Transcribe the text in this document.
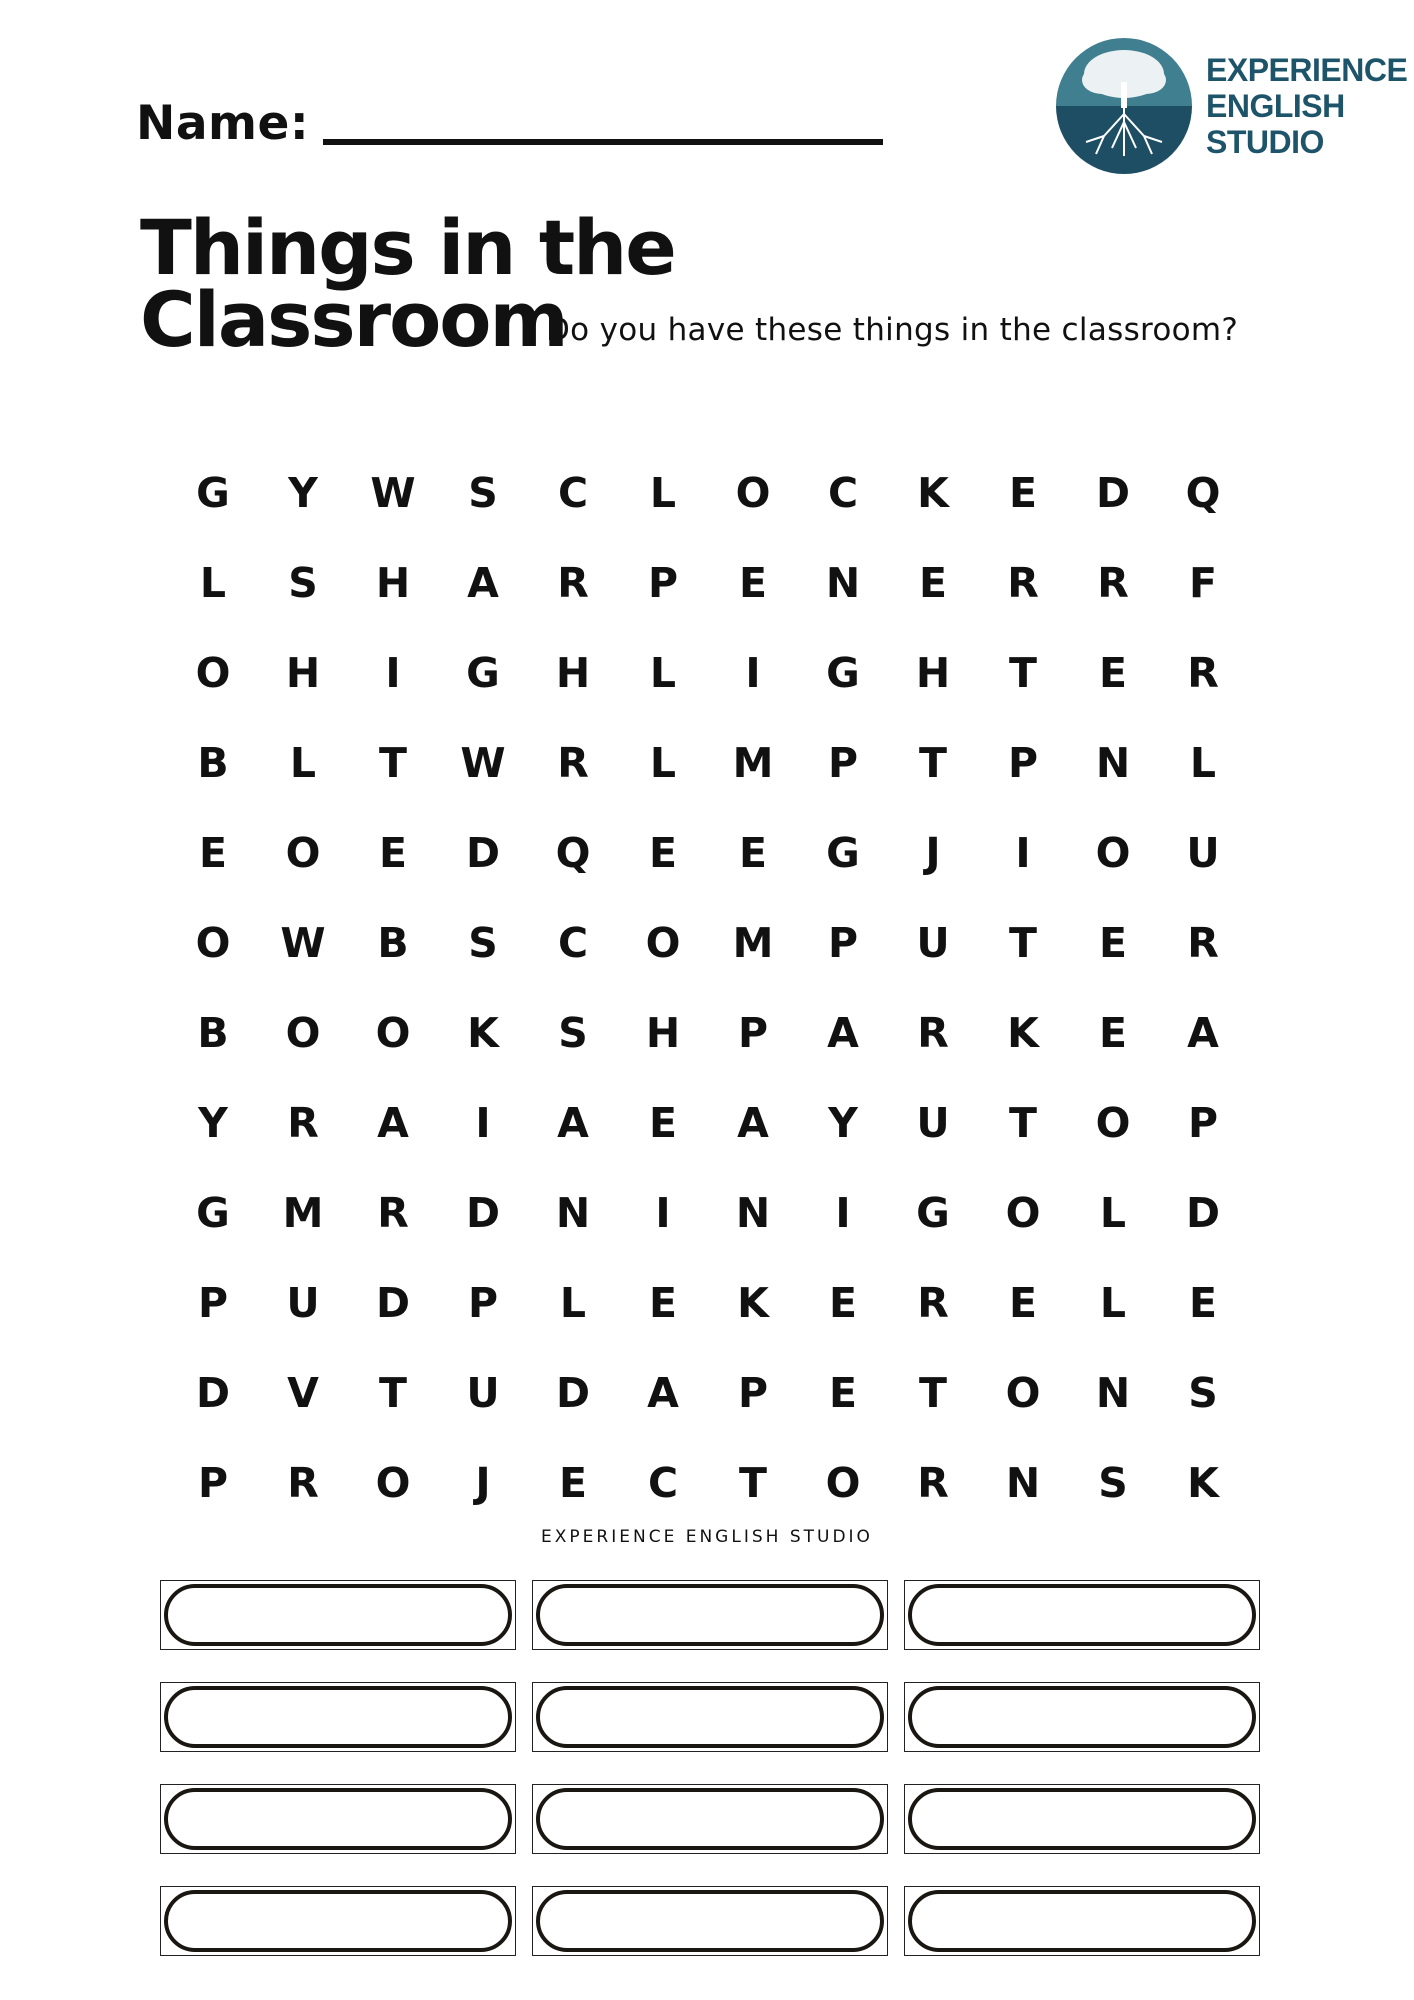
Name:
EXPERIENCE
ENGLISH
STUDIO
Things in the
Classroom
Do you have these things in the classroom?
G	Y	W	S	C	L	O	C	K	E	D	Q
L	S	H	A	R	P	E	N	E	R	R	F
O	H	I	G	H	L	I	G	H	T	E	R
B	L	T	W	R	L	M	P	T	P	N	L
E	O	E	D	Q	E	E	G	J	I	O	U
O	W	B	S	C	O	M	P	U	T	E	R
B	O	O	K	S	H	P	A	R	K	E	A
Y	R	A	I	A	E	A	Y	U	T	O	P
G	M	R	D	N	I	N	I	G	O	L	D
P	U	D	P	L	E	K	E	R	E	L	E
D	V	T	U	D	A	P	E	T	O	N	S
P	R	O	J	E	C	T	O	R	N	S	K
EXPERIENCE ENGLISH STUDIO
